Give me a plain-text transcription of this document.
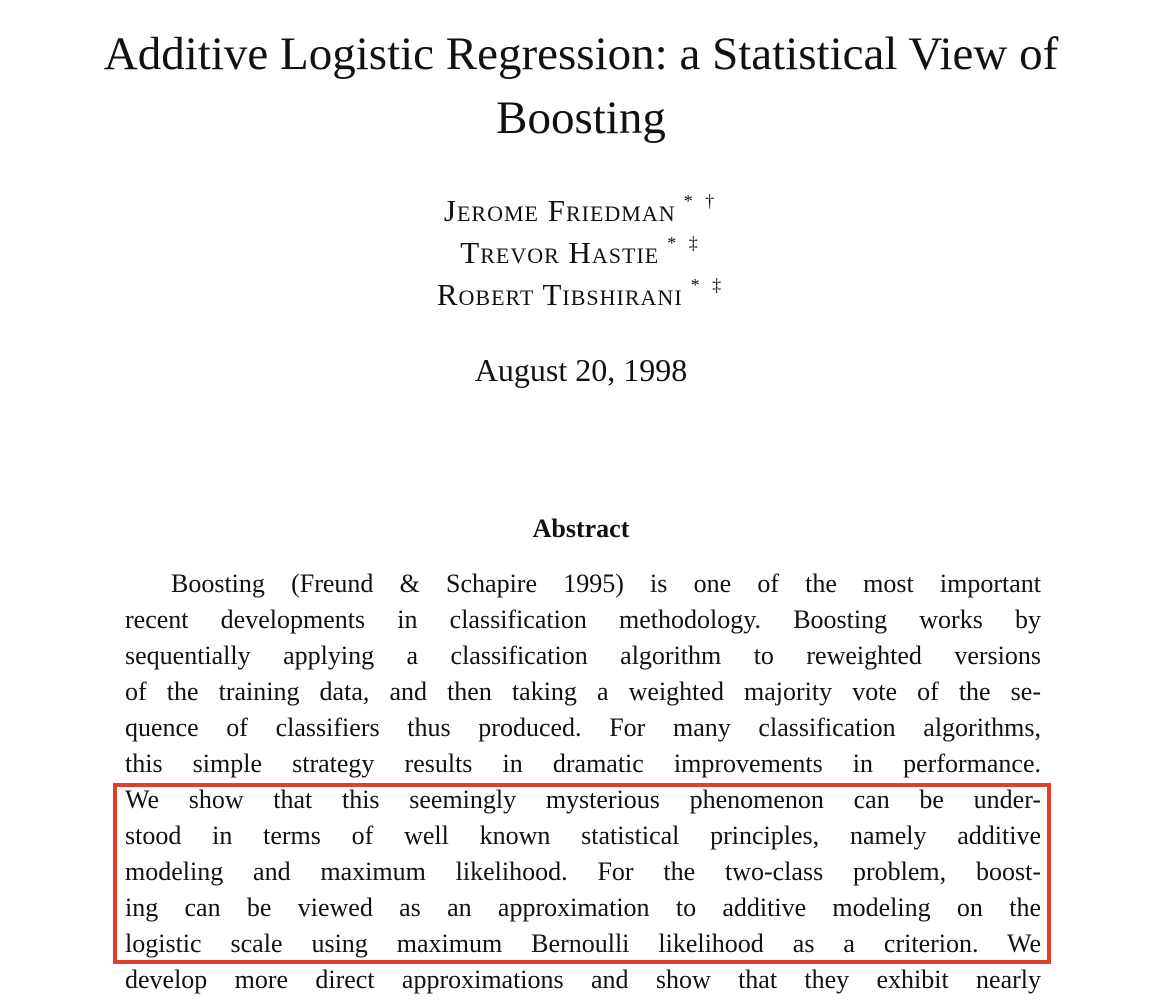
Additive Logistic Regression: a Statistical View of
Boosting
Jerome Friedman * †
Trevor Hastie * ‡
Robert Tibshirani * ‡
August 20, 1998
Abstract
Boosting (Freund & Schapire 1995) is one of the most important
recent developments in classification methodology. Boosting works by
sequentially applying a classification algorithm to reweighted versions
of the training data, and then taking a weighted majority vote of the se-
quence of classifiers thus produced. For many classification algorithms,
this simple strategy results in dramatic improvements in performance.
We show that this seemingly mysterious phenomenon can be under-
stood in terms of well known statistical principles, namely additive
modeling and maximum likelihood. For the two-class problem, boost-
ing can be viewed as an approximation to additive modeling on the
logistic scale using maximum Bernoulli likelihood as a criterion. We
develop more direct approximations and show that they exhibit nearly
